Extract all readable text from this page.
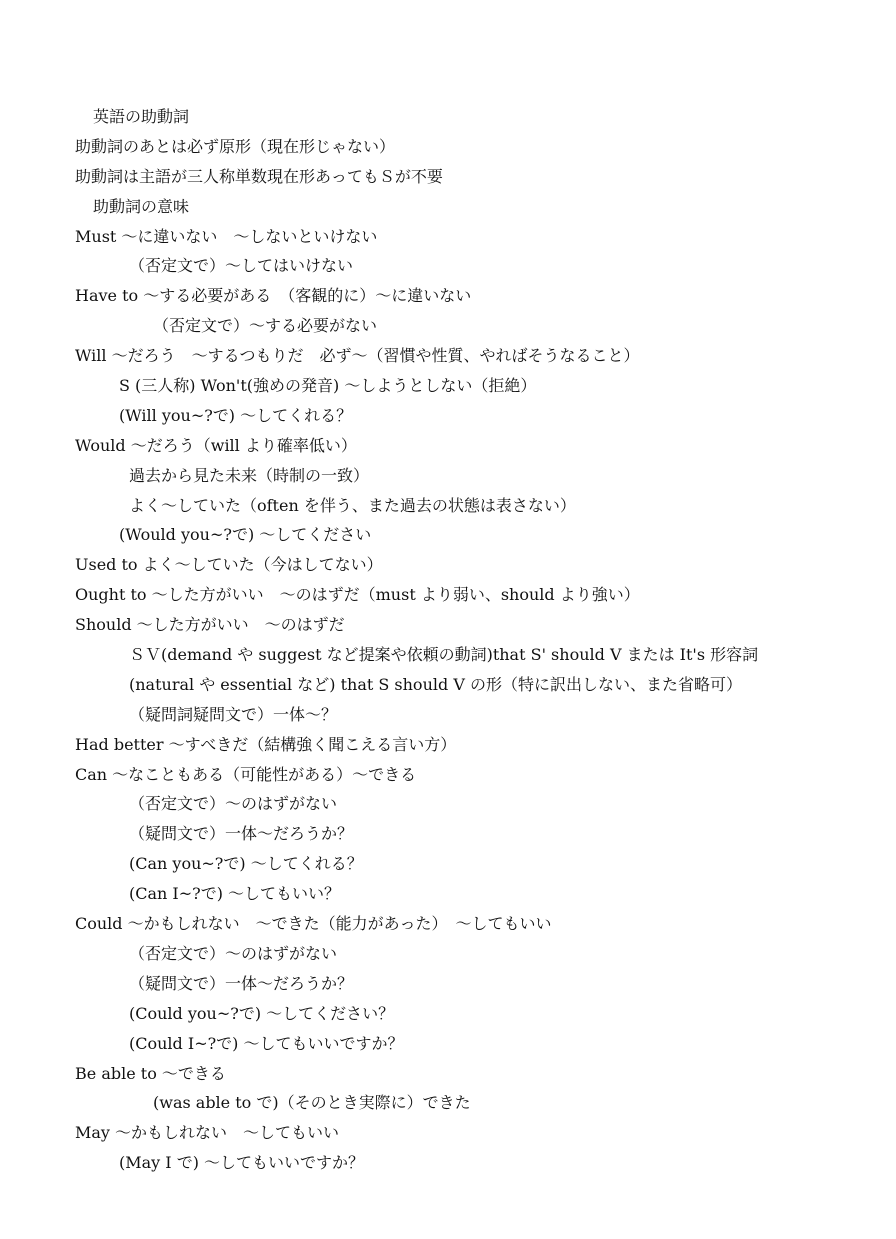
英語の助動詞
助動詞のあとは必ず原形（現在形じゃない）
助動詞は主語が三人称単数現在形あってもＳが不要
助動詞の意味
Must ～に違いない　～しないといけない
（否定文で）～してはいけない
Have to ～する必要がある　（客観的に）～に違いない
（否定文で）～する必要がない
Will ～だろう　～するつもりだ　必ず～（習慣や性質、やればそうなること）
S (三人称) Won't(強めの発音) ～しようとしない（拒絶）
(Will you~?で) ～してくれる？
Would ～だろう（will より確率低い）
過去から見た未来（時制の一致）
よく～していた（often を伴う、また過去の状態は表さない）
(Would you~?で) ～してください
Used to よく～していた（今はしてない）
Ought to ～した方がいい　～のはずだ（must より弱い、should より強い）
Should ～した方がいい　～のはずだ
ＳＶ(demand や suggest など提案や依頼の動詞)that S' should V または It's 形容詞
(natural や essential など) that S should V の形（特に訳出しない、また省略可）
（疑問詞疑問文で）一体～？
Had better ～すべきだ（結構強く聞こえる言い方）
Can ～なこともある（可能性がある）～できる
（否定文で）～のはずがない
（疑問文で）一体～だろうか？
(Can you~?で) ～してくれる？
(Can I~?で) ～してもいい？
Could ～かもしれない　～できた（能力があった）　～してもいい
（否定文で）～のはずがない
（疑問文で）一体～だろうか？
(Could you~?で) ～してください？
(Could I~?で) ～してもいいですか？
Be able to ～できる
(was able to で)（そのとき実際に）できた
May ～かもしれない　～してもいい
(May I で) ～してもいいですか？
